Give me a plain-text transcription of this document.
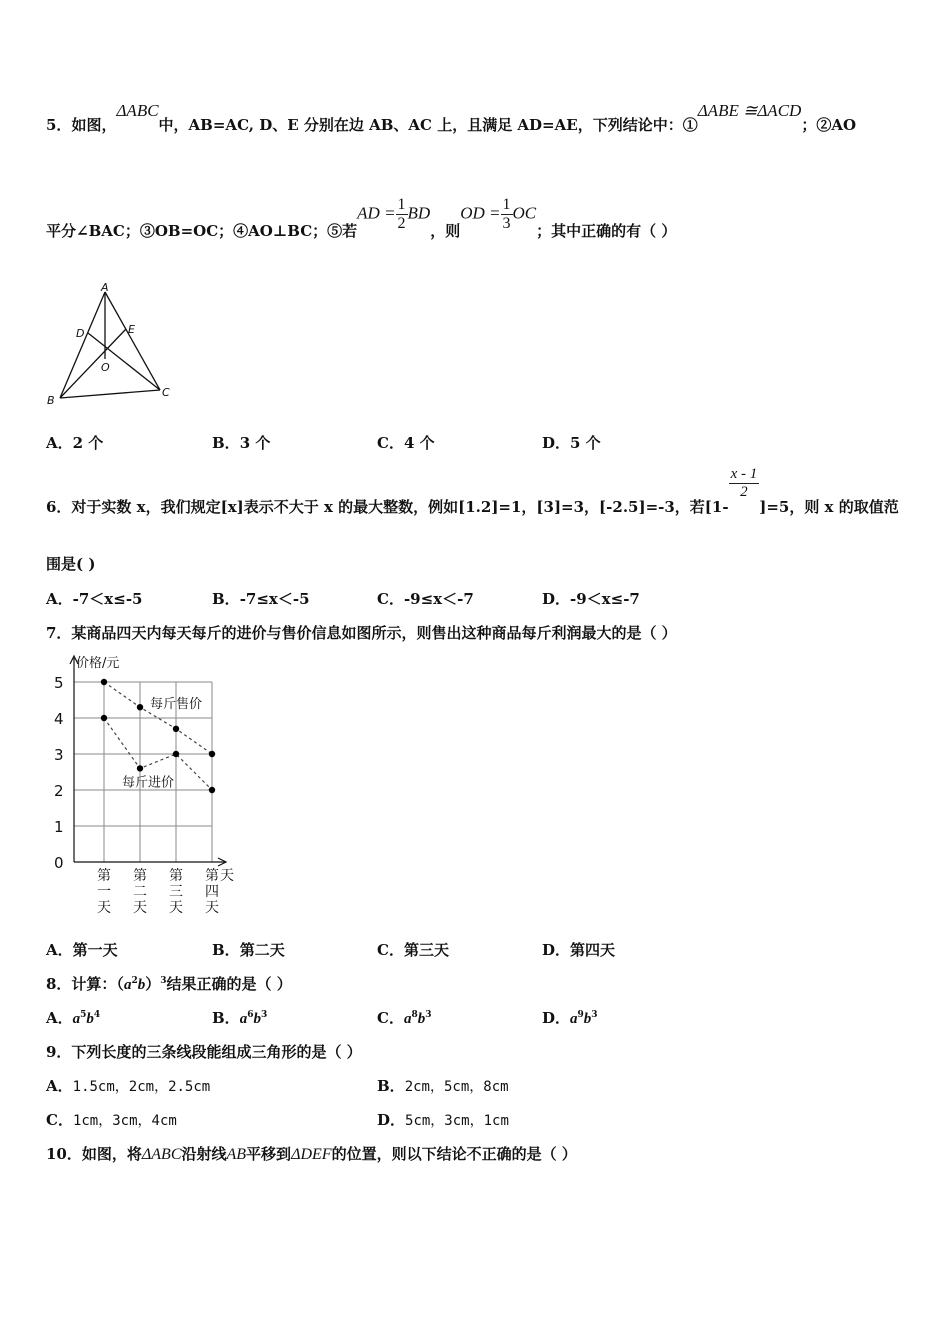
5．如图，ΔABC中，AB=AC, D、E 分别在边 AB、AC 上，且满足 AD=AE，下列结论中：①ΔABE ≅ΔACD；②AO
平分∠BAC；③OB=OC；④AO⊥BC；⑤若AD = $\frac{1}{2}$ BD，则OD = $\frac{1}{3}$ OC；其中正确的有（ ）
A
D	E
O
B
C
A．2 个	B．3 个	C．4 个	D．5 个
6．对于实数 x，我们规定[x]表示不大于 x 的最大整数，例如[1.2]=1，[3]=3，[-2.5]=-3，若[1-
$\frac{x - 1}{2}$
]=5，则 x 的取值范
围是( )
A．-7＜x≤-5	B．-7≤x＜-5	C．-9≤x＜-7	D．-9＜x≤-7
7．某商品四天内每天每斤的进价与售价信息如图所示，则售出这种商品每斤利润最大的是（ ）
0
1
2
3
4
5
价格/元
天
第一天
第二天
第三天
第四天
每斤售价
每斤进价
A．第一天	B．第二天	C．第三天	D．第四天
8．计算：$(a^2b)^3$结果正确的是（ ）
A．$a^5b^4$	B．$a^6b^3$	C．$a^8b^3$	D．$a^9b^3$
9．下列长度的三条线段能组成三角形的是（ ）
A．1.5cm，2cm，2.5cm	B．2cm，5cm，8cm
C．1cm，3cm，4cm	D．5cm，3cm，1cm
10．如图，将ΔABC沿射线AB平移到ΔDEF的位置，则以下结论不正确的是（ ）
